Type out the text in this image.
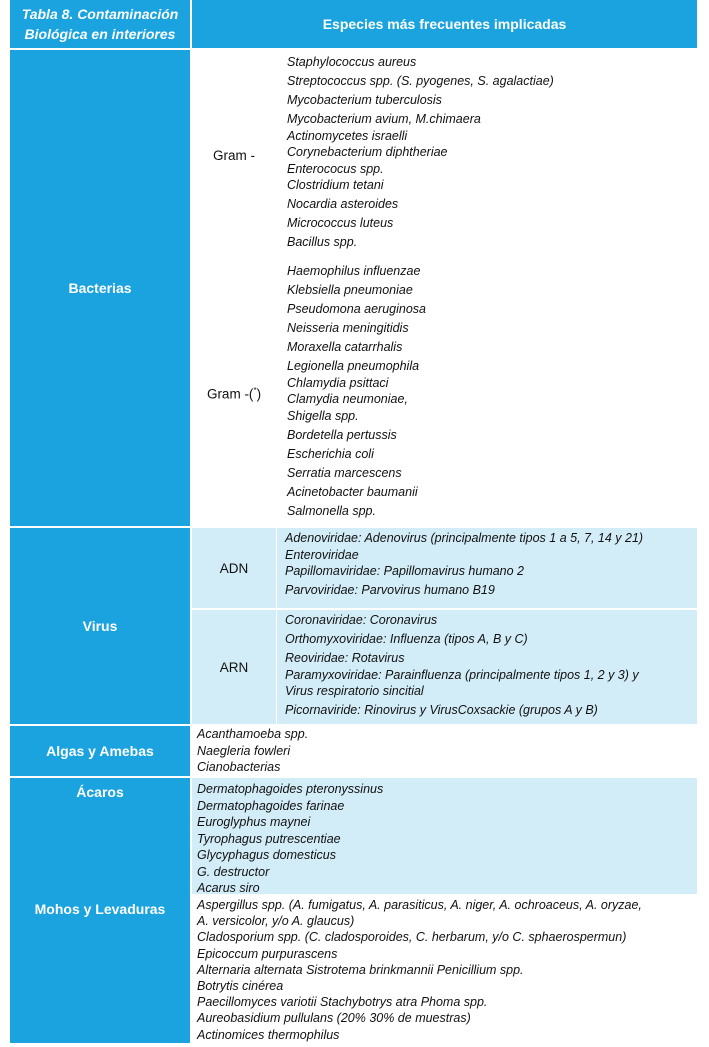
Tabla 8. Contaminación
Biológica en interiores
Especies más frecuentes implicadas
Bacterias
Gram -
Staphylococcus aureus
Streptococcus spp. (S. pyogenes, S. agalactiae)
Mycobacterium tuberculosis
Mycobacterium avium, M.chimaera
Actinomycetes israelli
Corynebacterium diphtheriae
Enterococus spp.
Clostridium tetani
Nocardia asteroides
Micrococcus luteus
Bacillus spp.
Gram -(*)
Haemophilus influenzae
Klebsiella pneumoniae
Pseudomona aeruginosa
Neisseria meningitidis
Moraxella catarrhalis
Legionella pneumophila
Chlamydia psittaci
Clamydia neumoniae,
Shigella spp.
Bordetella pertussis
Escherichia coli
Serratia marcescens
Acinetobacter baumanii
Salmonella spp.
Virus
ADN
Adenoviridae: Adenovirus (principalmente tipos 1 a 5, 7, 14 y 21)
Enteroviridae
Papillomaviridae: Papillomavirus humano 2
Parvoviridae: Parvovirus humano B19
ARN
Coronaviridae: Coronavirus
Orthomyxoviridae: Influenza (tipos A, B y C)
Reoviridae: Rotavirus
Paramyxoviridae: Parainfluenza (principalmente tipos 1, 2 y 3) y
Virus respiratorio sincitial
Picornaviride: Rinovirus y VirusCoxsackie (grupos A y B)
Algas y Amebas
Acanthamoeba spp.
Naegleria fowleri
Cianobacterias
Ácaros
Mohos y Levaduras
Dermatophagoides pteronyssinus
Dermatophagoides farinae
Euroglyphus maynei
Tyrophagus putrescentiae
Glycyphagus domesticus
G. destructor
Acarus siro
Aspergillus spp. (A. fumigatus, A. parasiticus, A. niger, A. ochroaceus, A. oryzae,
A. versicolor, y/o A. glaucus)
Cladosporium spp. (C. cladosporoides, C. herbarum, y/o C. sphaerospermun)
Epicoccum purpurascens
Alternaria alternata Sistrotema brinkmannii Penicillium spp.
Botrytis cinérea
Paecillomyces variotii Stachybotrys atra Phoma spp.
Aureobasidium pullulans (20% 30% de muestras)
Actinomices thermophilus
